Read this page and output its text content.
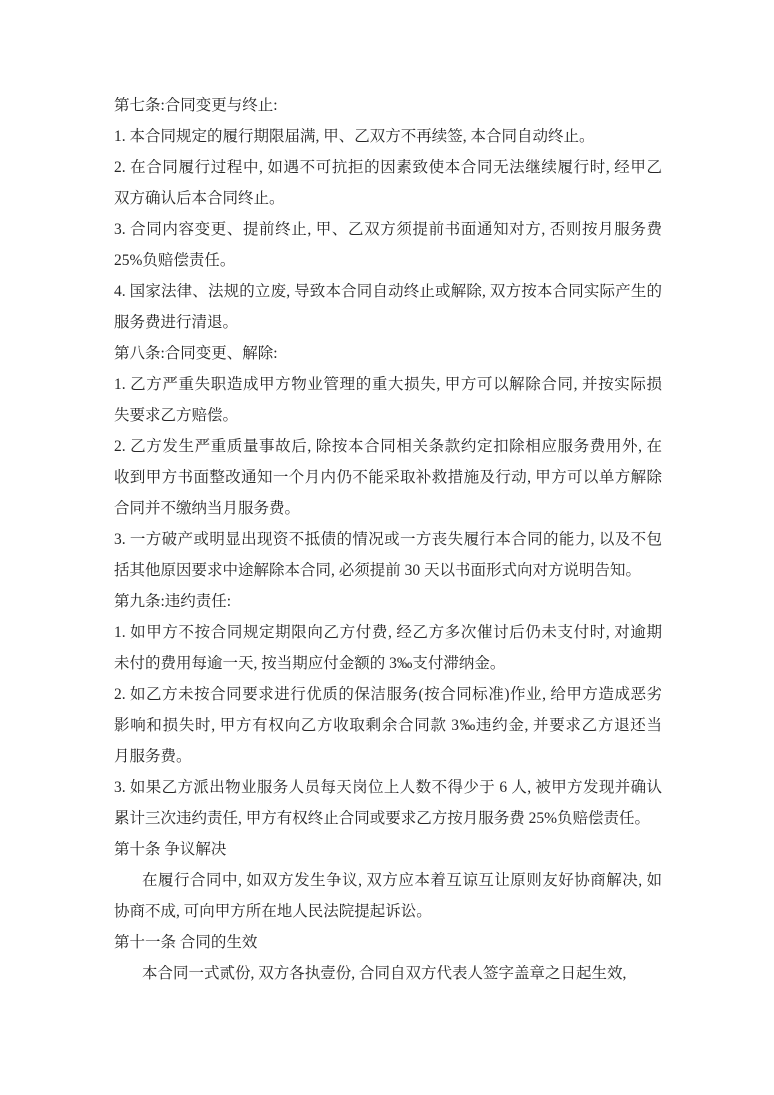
第七条:合同变更与终止:
1. 本合同规定的履行期限届满, 甲、乙双方不再续签, 本合同自动终止。
2. 在合同履行过程中, 如遇不可抗拒的因素致使本合同无法继续履行时, 经甲乙
双方确认后本合同终止。
3. 合同内容变更、提前终止, 甲、乙双方须提前书面通知对方, 否则按月服务费
25%负赔偿责任。
4. 国家法律、法规的立废, 导致本合同自动终止或解除, 双方按本合同实际产生的
服务费进行清退。
第八条:合同变更、解除:
1. 乙方严重失职造成甲方物业管理的重大损失, 甲方可以解除合同, 并按实际损
失要求乙方赔偿。
2. 乙方发生严重质量事故后, 除按本合同相关条款约定扣除相应服务费用外, 在
收到甲方书面整改通知一个月内仍不能采取补救措施及行动, 甲方可以单方解除
合同并不缴纳当月服务费。
3. 一方破产或明显出现资不抵债的情况或一方丧失履行本合同的能力, 以及不包
括其他原因要求中途解除本合同, 必须提前 30 天以书面形式向对方说明告知。
第九条:违约责任:
1. 如甲方不按合同规定期限向乙方付费, 经乙方多次催讨后仍未支付时, 对逾期
未付的费用每逾一天, 按当期应付金额的 3‰支付滞纳金。
2. 如乙方未按合同要求进行优质的保洁服务(按合同标准)作业, 给甲方造成恶劣
影响和损失时, 甲方有权向乙方收取剩余合同款 3‰违约金, 并要求乙方退还当
月服务费。
3. 如果乙方派出物业服务人员每天岗位上人数不得少于 6 人, 被甲方发现并确认
累计三次违约责任, 甲方有权终止合同或要求乙方按月服务费 25%负赔偿责任。
第十条 争议解决
在履行合同中, 如双方发生争议, 双方应本着互谅互让原则友好协商解决, 如
协商不成, 可向甲方所在地人民法院提起诉讼。
第十一条 合同的生效
本合同一式贰份, 双方各执壹份, 合同自双方代表人签字盖章之日起生效,
